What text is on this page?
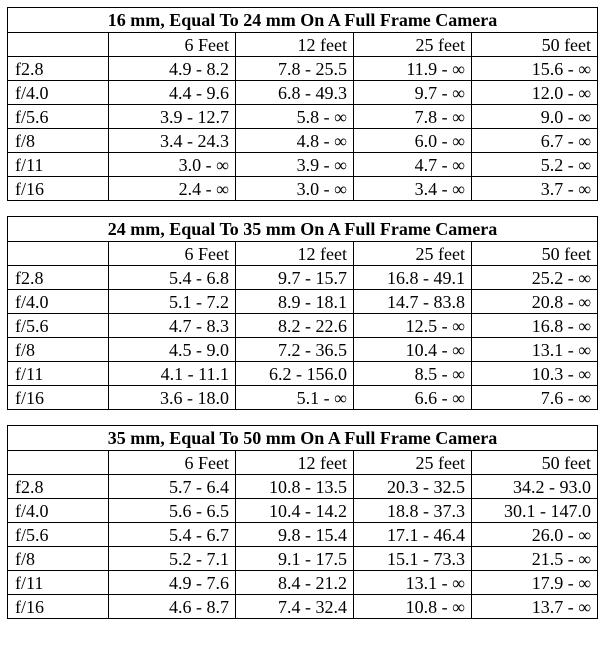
16 mm, Equal To 24 mm On A Full Frame Camera				
	6 Feet	12 feet	25 feet	50 feet
f2.8	4.9 - 8.2	7.8 - 25.5	11.9 - ∞	15.6 - ∞
f/4.0	4.4 - 9.6	6.8 - 49.3	9.7 - ∞	12.0 - ∞
f/5.6	3.9 - 12.7	5.8 - ∞	7.8 - ∞	9.0 - ∞
f/8	3.4 - 24.3	4.8 - ∞	6.0 - ∞	6.7 - ∞
f/11	3.0 - ∞	3.9 - ∞	4.7 - ∞	5.2 - ∞
f/16	2.4 - ∞	3.0 - ∞	3.4 - ∞	3.7 - ∞
24 mm, Equal To 35 mm On A Full Frame Camera				
	6 Feet	12 feet	25 feet	50 feet
f2.8	5.4 - 6.8	9.7 - 15.7	16.8 - 49.1	25.2 - ∞
f/4.0	5.1 - 7.2	8.9 - 18.1	14.7 - 83.8	20.8 - ∞
f/5.6	4.7 - 8.3	8.2 - 22.6	12.5 - ∞	16.8 - ∞
f/8	4.5 - 9.0	7.2 - 36.5	10.4 - ∞	13.1 - ∞
f/11	4.1 - 11.1	6.2 - 156.0	8.5 - ∞	10.3 - ∞
f/16	3.6 - 18.0	5.1 - ∞	6.6 - ∞	7.6 - ∞
35 mm, Equal To 50 mm On A Full Frame Camera				
	6 Feet	12 feet	25 feet	50 feet
f2.8	5.7 - 6.4	10.8 - 13.5	20.3 - 32.5	34.2 - 93.0
f/4.0	5.6 - 6.5	10.4 - 14.2	18.8 - 37.3	30.1 - 147.0
f/5.6	5.4 - 6.7	9.8 - 15.4	17.1 - 46.4	26.0 - ∞
f/8	5.2 - 7.1	9.1 - 17.5	15.1 - 73.3	21.5 - ∞
f/11	4.9 - 7.6	8.4 - 21.2	13.1 - ∞	17.9 - ∞
f/16	4.6 - 8.7	7.4 - 32.4	10.8 - ∞	13.7 - ∞
